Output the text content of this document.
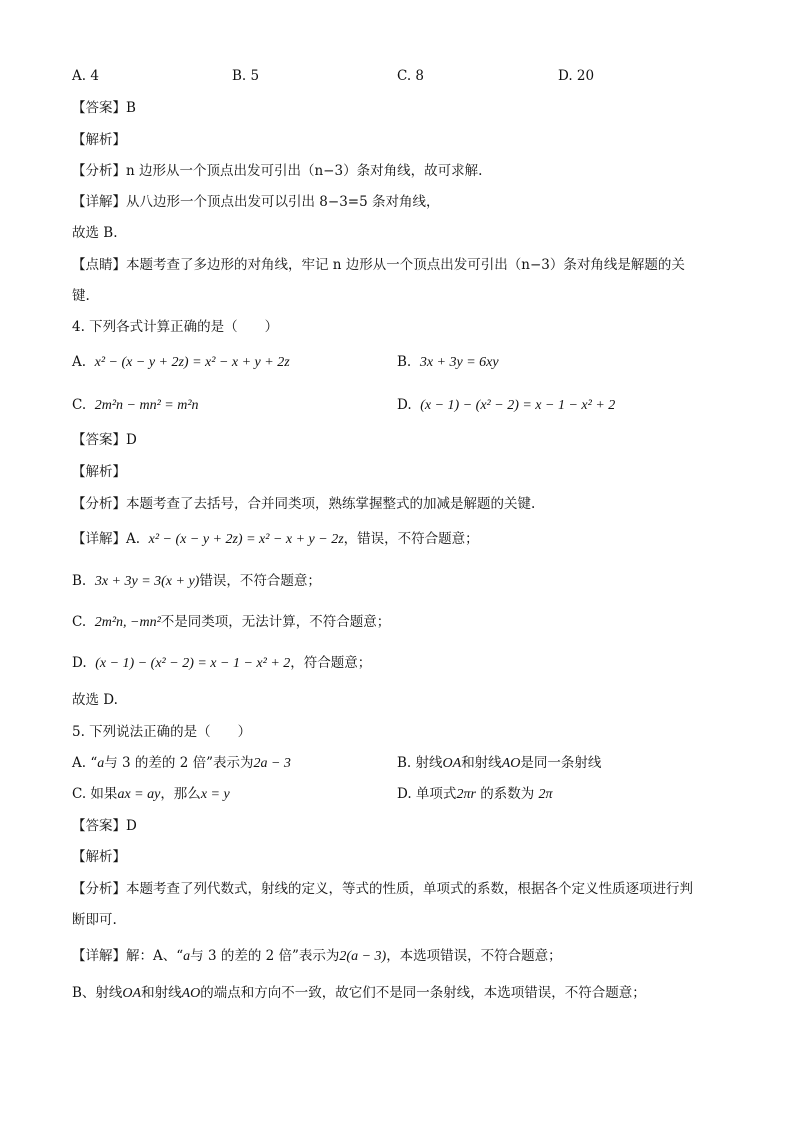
A. 4	B. 5	C. 8	D. 20
【答案】B
【解析】
【分析】n 边形从一个顶点出发可引出（n−3）条对角线，故可求解.
【详解】从八边形一个顶点出发可以引出 8−3=5 条对角线，
故选 B.
【点睛】本题考查了多边形的对角线，牢记 n 边形从一个顶点出发可引出（n−3）条对角线是解题的关
键.
4. 下列各式计算正确的是（　　）
A. x² − (x − y + 2z) = x² − x + y + 2z	B. 3x + 3y = 6xy
C. 2m²n − mn² = m²n	D. (x − 1) − (x² − 2) = x − 1 − x² + 2
【答案】D
【解析】
【分析】本题考查了去括号，合并同类项，熟练掌握整式的加减是解题的关键.
【详解】A. x² − (x − y + 2z) = x² − x + y − 2z，错误，不符合题意；
B. 3x + 3y = 3(x + y)错误，不符合题意；
C. 2m²n, −mn²不是同类项，无法计算，不符合题意；
D. (x − 1) − (x² − 2) = x − 1 − x² + 2，符合题意；
故选 D.
5. 下列说法正确的是（　　）
A. “a与 3 的差的 2 倍”表示为2a − 3	B. 射线OA和射线AO是同一条射线
C. 如果ax = ay，那么x = y	D. 单项式2πr 的系数为 2π
【答案】D
【解析】
【分析】本题考查了列代数式，射线的定义，等式的性质，单项式的系数，根据各个定义性质逐项进行判
断即可.
【详解】解：A、“a与 3 的差的 2 倍”表示为2(a − 3)，本选项错误，不符合题意；
B、射线OA和射线AO的端点和方向不一致，故它们不是同一条射线，本选项错误，不符合题意；
